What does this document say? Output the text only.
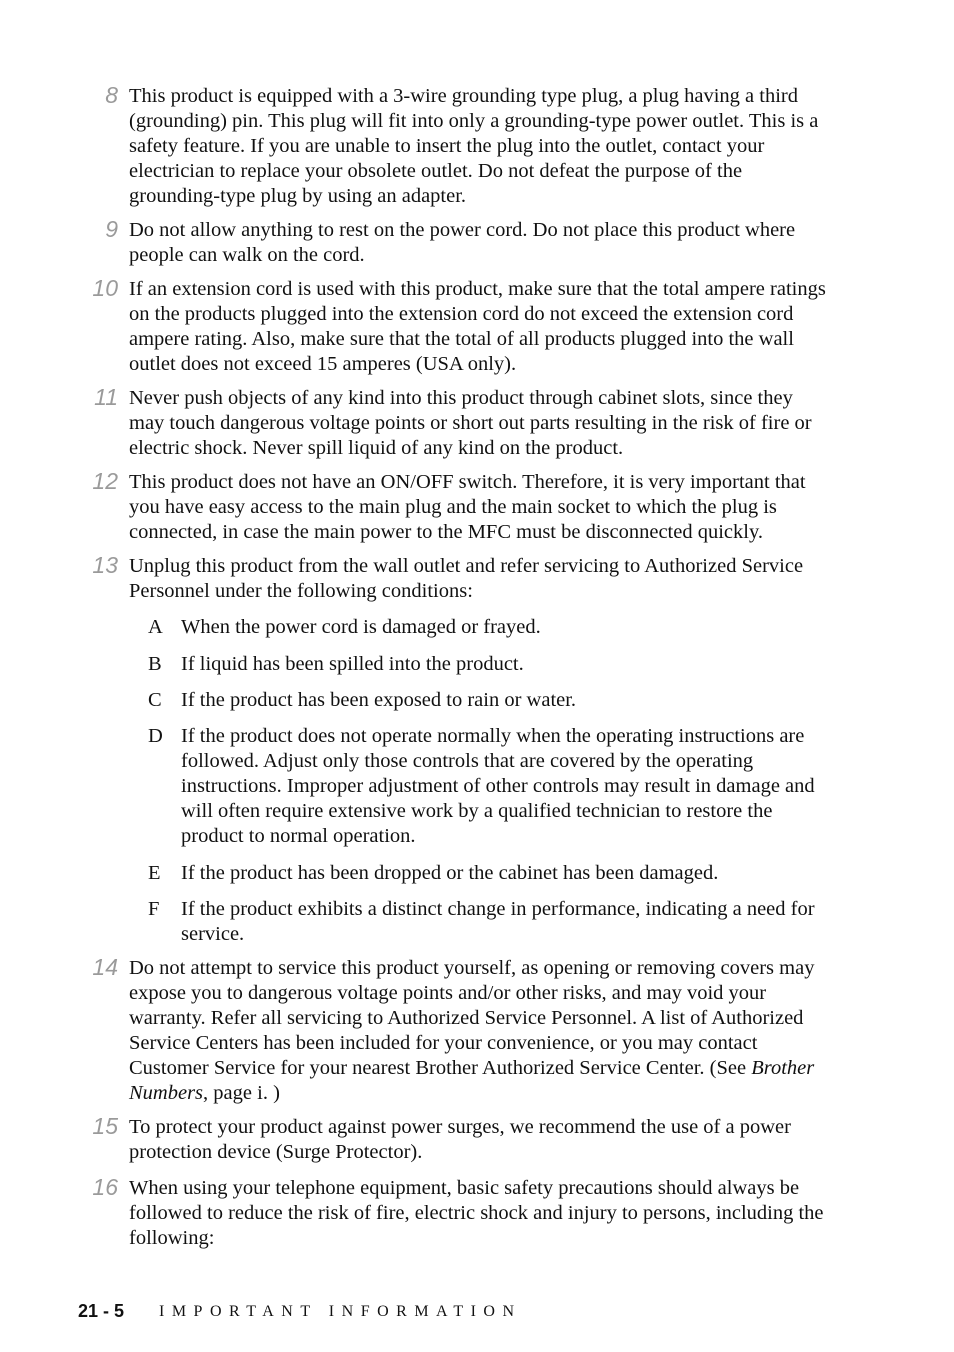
8 This product is equipped with a 3-wire grounding type plug, a plug having a third (grounding) pin. This plug will fit into only a grounding-type power outlet. This is a safety feature. If you are unable to insert the plug into the outlet, contact your electrician to replace your obsolete outlet. Do not defeat the purpose of the grounding-type plug by using an adapter.
9 Do not allow anything to rest on the power cord. Do not place this product where people can walk on the cord.
10 If an extension cord is used with this product, make sure that the total ampere ratings on the products plugged into the extension cord do not exceed the extension cord ampere rating. Also, make sure that the total of all products plugged into the wall outlet does not exceed 15 amperes (USA only).
11 Never push objects of any kind into this product through cabinet slots, since they may touch dangerous voltage points or short out parts resulting in the risk of fire or electric shock. Never spill liquid of any kind on the product.
12 This product does not have an ON/OFF switch. Therefore, it is very important that you have easy access to the main plug and the main socket to which the plug is connected, in case the main power to the MFC must be disconnected quickly.
13 Unplug this product from the wall outlet and refer servicing to Authorized Service Personnel under the following conditions:
A When the power cord is damaged or frayed.
B If liquid has been spilled into the product.
C If the product has been exposed to rain or water.
D If the product does not operate normally when the operating instructions are followed. Adjust only those controls that are covered by the operating instructions. Improper adjustment of other controls may result in damage and will often require extensive work by a qualified technician to restore the product to normal operation.
E If the product has been dropped or the cabinet has been damaged.
F	If the product exhibits a distinct change in performance, indicating a need for service.
14 Do not attempt to service this product yourself, as opening or removing covers may expose you to dangerous voltage points and/or other risks, and may void your warranty. Refer all servicing to Authorized Service Personnel. A list of Authorized Service Centers has been included for your convenience, or you may contact Customer Service for your nearest Brother Authorized Service Center. (See Brother Numbers, page i. )
15 To protect your product against power surges, we recommend the use of a power protection device (Surge Protector).
16 When using your telephone equipment, basic safety precautions should always be followed to reduce the risk of fire, electric shock and injury to persons, including the following:
21 - 5 IMPORTANT INFORMATION
